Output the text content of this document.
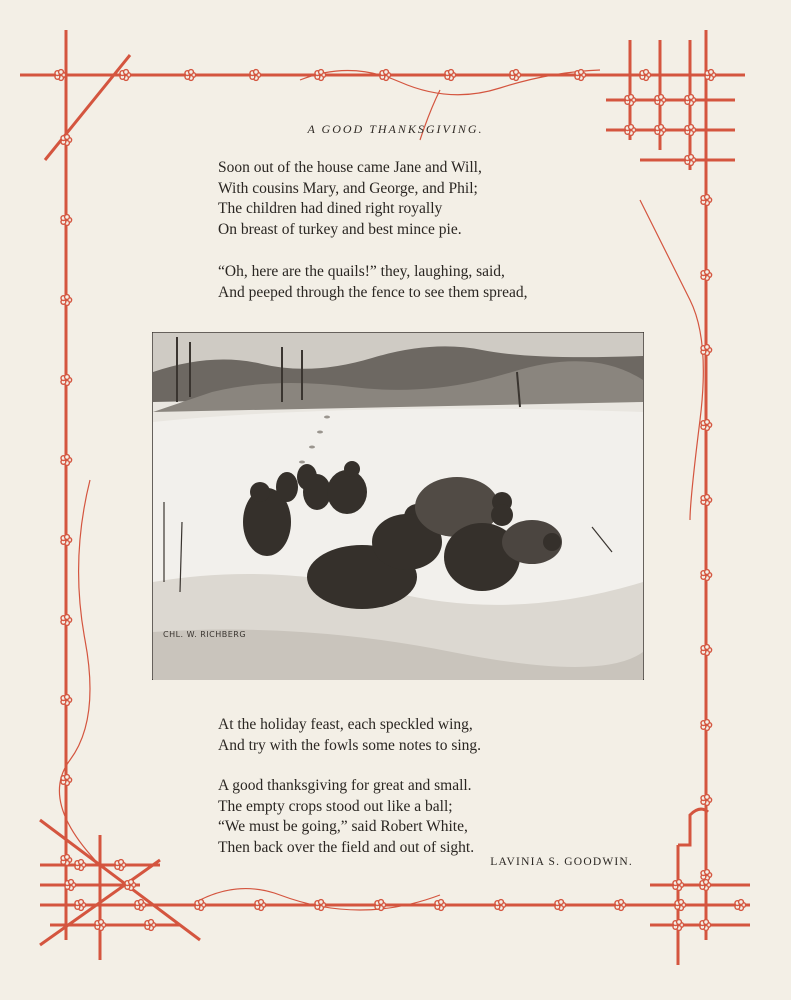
A GOOD THANKSGIVING.
Soon out of the house came Jane and Will,
With cousins Mary, and George, and Phil;
The children had dined right royally
On breast of turkey and best mince pie.
“Oh, here are the quails!” they, laughing, said,
And peeped through the fence to see them spread,
CHL. W. RICHBERG
At the holiday feast, each speckled wing,
And try with the fowls some notes to sing.
A good thanksgiving for great and small.
The empty crops stood out like a ball;
“We must be going,” said Robert White,
Then back over the field and out of sight.
LAVINIA S. GOODWIN.
